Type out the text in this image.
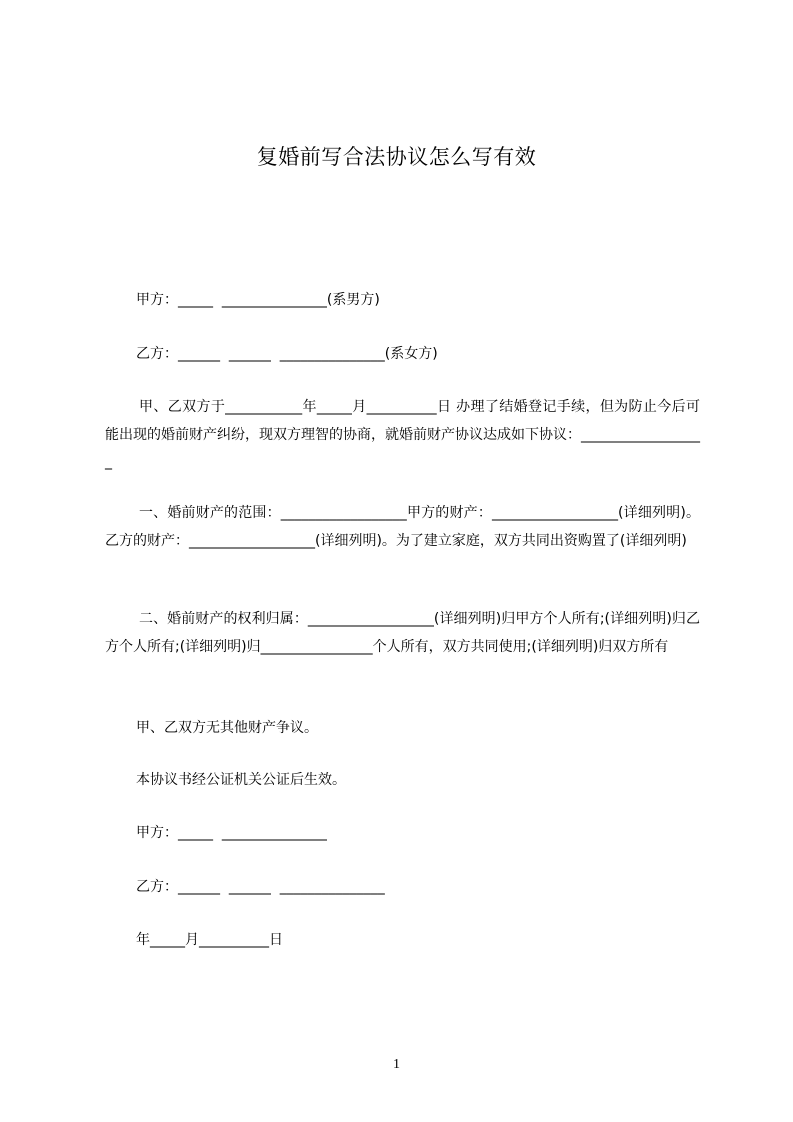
复婚前写合法协议怎么写有效
甲方：_____  _______________(系男方)
乙方：______  ______  _______________(系女方)
甲、乙双方于___________年_____月__________日 办理了结婚登记手续，但为防止今后可能出现的婚前财产纠纷，现双方理智的协商，就婚前财产协议达成如下协议：__________________
一、婚前财产的范围：__________________甲方的财产：__________________(详细列明)。乙方的财产：__________________(详细列明)。为了建立家庭，双方共同出资购置了(详细列明)
二、婚前财产的权利归属：__________________(详细列明)归甲方个人所有;(详细列明)归乙方个人所有;(详细列明)归________________个人所有，双方共同使用;(详细列明)归双方所有
甲、乙双方无其他财产争议。
本协议书经公证机关公证后生效。
甲方：_____  _______________
乙方：______  ______  _______________
年_____月__________日
1
